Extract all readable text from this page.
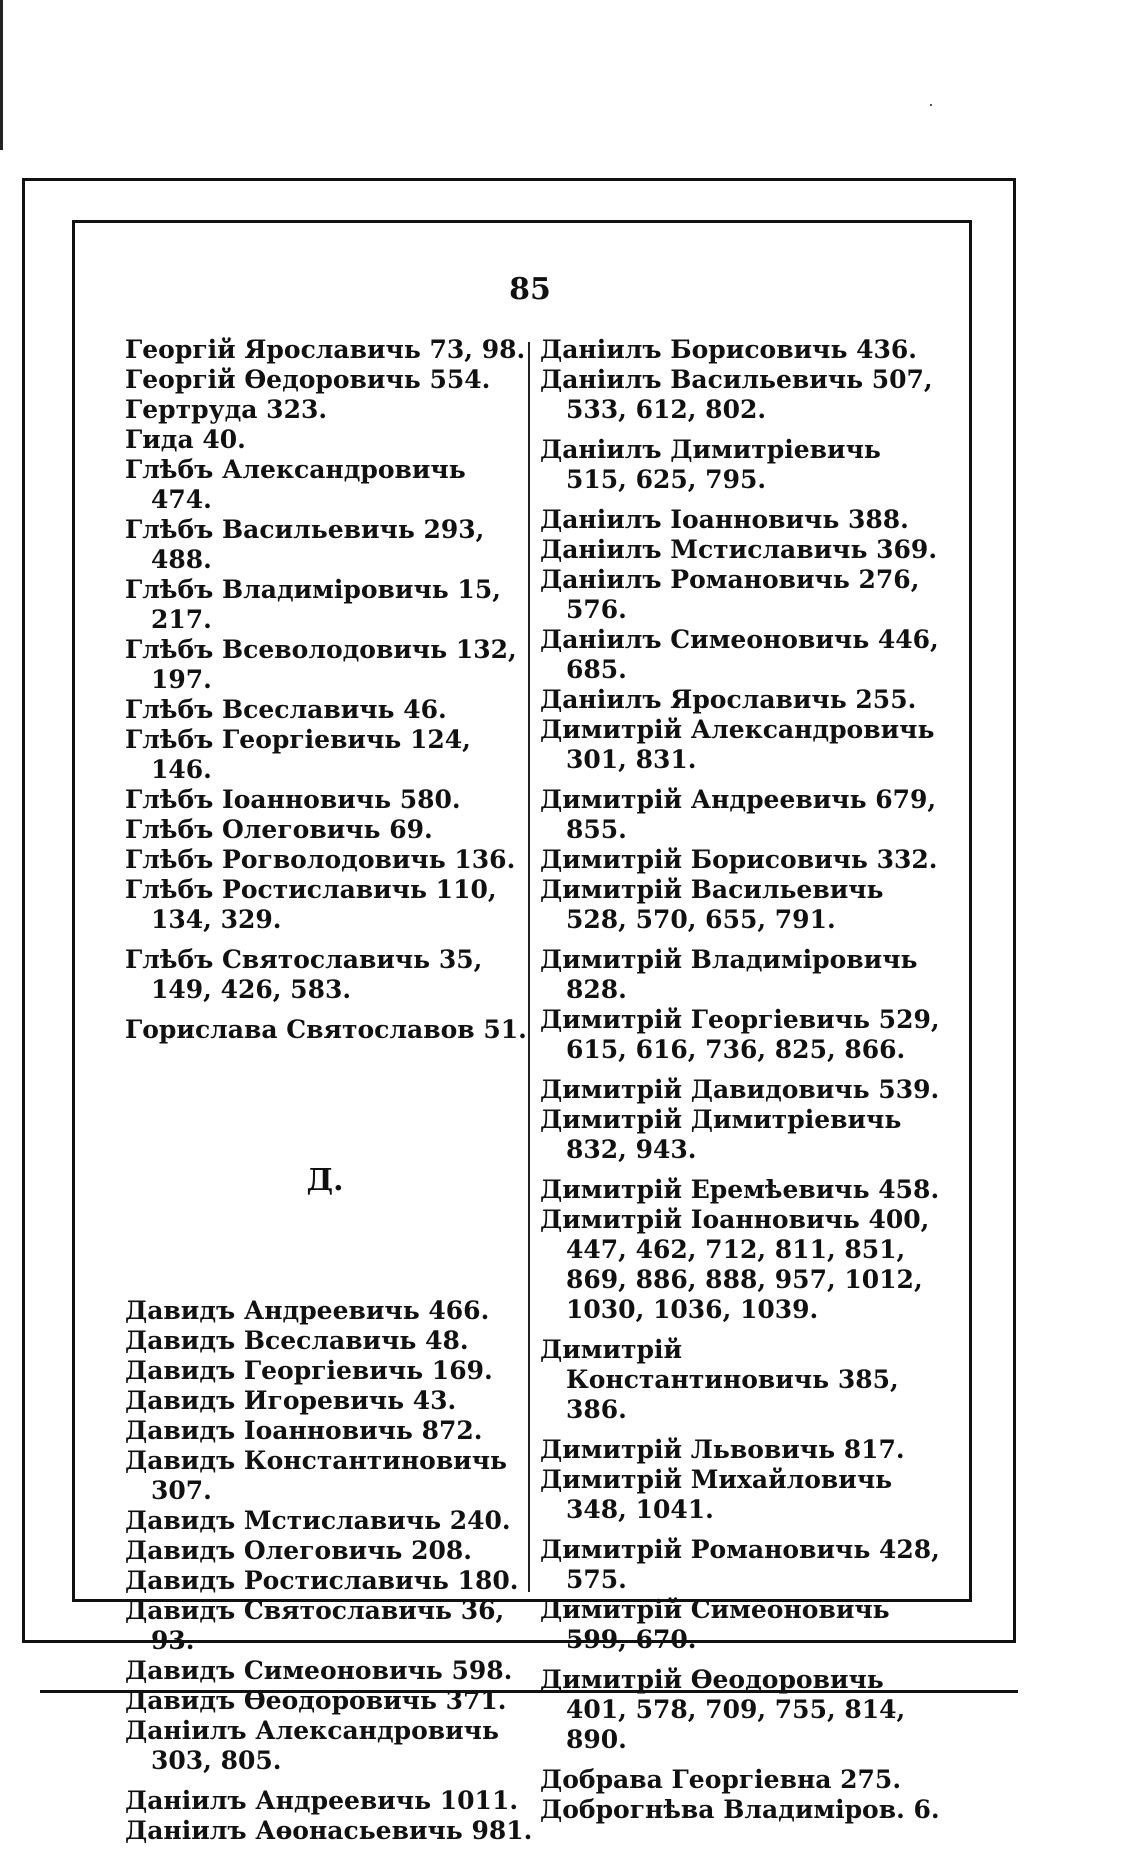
85
Георгій Ярославичь 73, 98.
Георгій Өедоровичь 554.
Гертруда 323.
Гида 40.
Глѣбъ Александровичь 474.
Глѣбъ Васильевичь 293, 488.
Глѣбъ Владиміровичь 15, 217.
Глѣбъ Всеволодовичь 132, 197.
Глѣбъ Всеславичь 46.
Глѣбъ Георгіевичь 124, 146.
Глѣбъ Іоанновичь 580.
Глѣбъ Олеговичь 69.
Глѣбъ Рогволодовичь 136.
Глѣбъ Ростиславичь 110, 134, 329.
Глѣбъ Святославичь 35, 149, 426, 583.
Горислава Святославов 51.
Д.
Давидъ Андреевичь 466.
Давидъ Всеславичь 48.
Давидъ Георгіевичь 169.
Давидъ Игоревичь 43.
Давидъ Іоанновичь 872.
Давидъ Константиновичь 307.
Давидъ Мстиславичь 240.
Давидъ Олеговичь 208.
Давидъ Ростиславичь 180.
Давидъ Святославичь 36, 93.
Давидъ Симеоновичь 598.
Давидъ Өеодоровичь 371.
Даніилъ Александровичь 303, 805.
Даніилъ Андреевичь 1011.
Даніилъ Аөонасьевичь 981.
Даніилъ Борисовичь 436.
Даніилъ Васильевичь 507, 533, 612, 802.
Даніилъ Димитріевичь 515, 625, 795.
Даніилъ Іоанновичь 388.
Даніилъ Мстиславичь 369.
Даніилъ Романовичь 276, 576.
Даніилъ Симеоновичь 446, 685.
Даніилъ Ярославичь 255.
Димитрій Александровичь 301, 831.
Димитрій Андреевичь 679, 855.
Димитрій Борисовичь 332.
Димитрій Васильевичь 528, 570, 655, 791.
Димитрій Владиміровичь 828.
Димитрій Георгіевичь 529, 615, 616, 736, 825, 866.
Димитрій Давидовичь 539.
Димитрій Димитріевичь 832, 943.
Димитрій Еремѣевичь 458.
Димитрій Іоанновичь 400, 447, 462, 712, 811, 851, 869, 886, 888, 957, 1012, 1030, 1036, 1039.
Димитрій Константиновичь 385, 386.
Димитрій Львовичь 817.
Димитрій Михайловичь 348, 1041.
Димитрій Романовичь 428, 575.
Димитрій Симеоновичь 599, 670.
Димитрій Өеодоровичь 401, 578, 709, 755, 814, 890.
Добрава Георгіевна 275.
Доброгнѣва Владиміров. 6.
